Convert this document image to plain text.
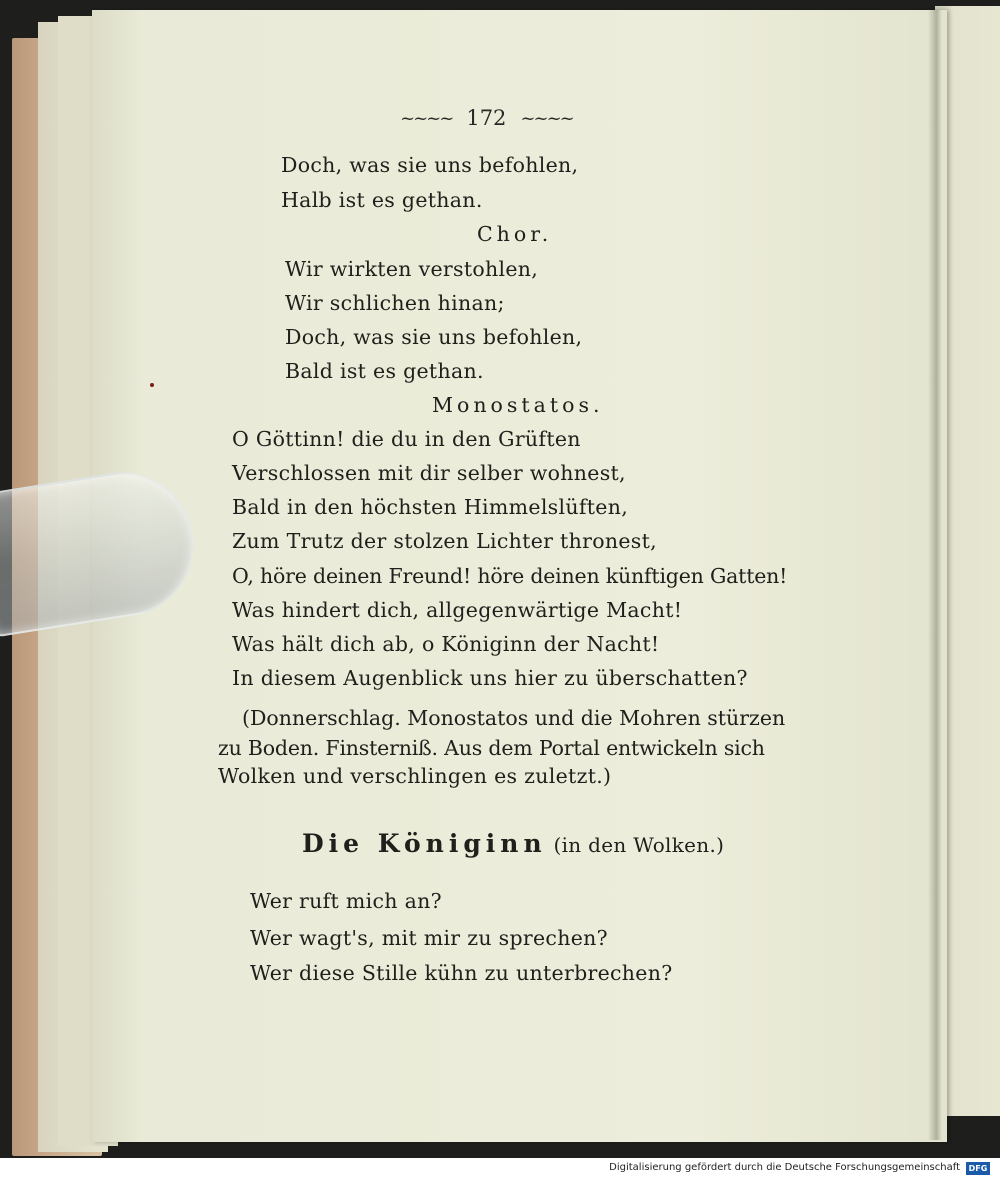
~~~~ 172 ~~~~
Doch, was sie uns befohlen,
Halb ist es gethan.
Chor.
Wir wirkten verstohlen,
Wir schlichen hinan;
Doch, was sie uns befohlen,
Bald ist es gethan.
Monostatos.
O Göttinn! die du in den Grüften
Verschlossen mit dir selber wohnest,
Bald in den höchsten Himmelslüften,
Zum Trutz der stolzen Lichter thronest,
O, höre deinen Freund! höre deinen künftigen Gatten!
Was hindert dich, allgegenwärtige Macht!
Was hält dich ab, o Königinn der Nacht!
In diesem Augenblick uns hier zu überschatten?
(Donnerschlag. Monostatos und die Mohren stürzen
zu Boden. Finsterniß. Aus dem Portal entwickeln sich
Wolken und verschlingen es zuletzt.)
Die Königinn (in den Wolken.)
Wer ruft mich an?
Wer wagt's, mit mir zu sprechen?
Wer diese Stille kühn zu unterbrechen?
Digitalisierung gefördert durch die Deutsche Forschungsgemeinschaft	DFG
